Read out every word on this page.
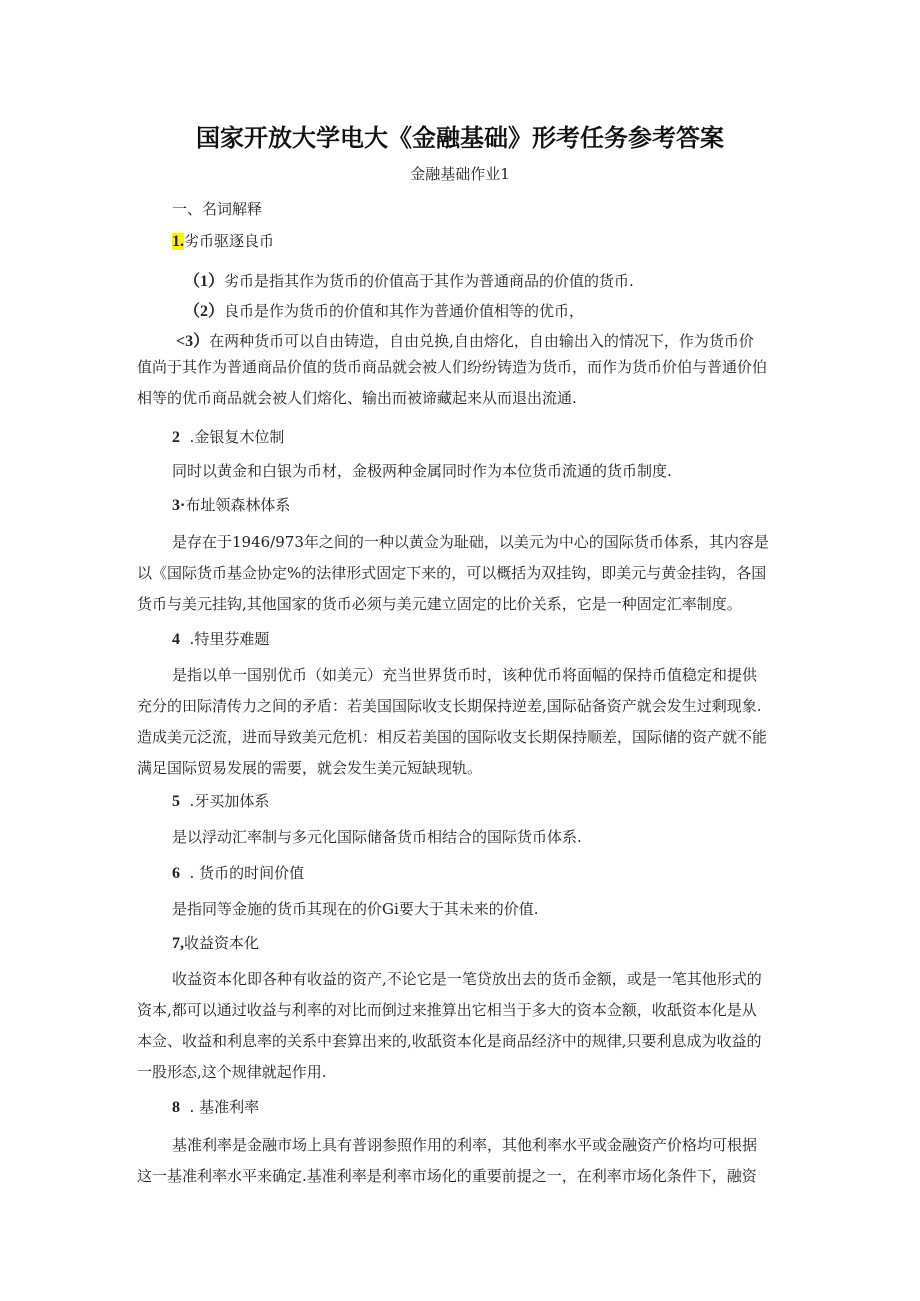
国家开放大学电大《金融基础》形考任务参考答案
金融基础作业1
一、名词解释
1.劣币驱逐良币
（1）劣币是指其作为货币的价值高于其作为普通商品的价值的货币.
（2）良币是作为货币的价值和其作为普通价值相等的优币，
<3）在两种货币可以自由铸造，自由兑换,自由熔化，自由输出入的情况下，作为货币价
值尚于其作为普通商品价值的货币商品就会被人们纷纷铸造为货币，而作为货币价伯与普通价伯
相等的优币商品就会被人们熔化、输出而被谛藏起来从而退出流通.
2 .金银复木位制
同时以黄金和白银为币材，金极两种金属同时作为本位货币流通的货币制度.
3·布址领森林体系
是存在于1946/973年之间的一种以黄佥为耻础，以美元为中心的国际货币体系，其内容是
以《国际货币基佥协定%的法律形式固定下来的，可以概括为双挂钩，即美元与黄金挂钩，各国
货币与美元挂钩,其他国家的货币必须与美元建立固定的比价关系，它是一种固定汇率制度。
4 .特里芬难题
是指以单一国别优币（如美元）充当世界货币时，该种优币将面幅的保持币值稳定和提供
充分的田际清传力之间的矛盾：若美国国际收支长期保持逆差,国际砧备资产就会发生过剩现象.
造成美元泛流，进而导致美元危机：相反若美国的国际收支长期保持顺差，国际储的资产就不能
满足国际贸易发展的需要，就会发生美元短缺现轨。
5 .牙买加体系
是以浮动汇率制与多元化国际储备货币相结合的国际货币体系.
6 . 货币的时间价值
是指同等金施的货币其现在的价Gi要大于其未来的价值.
7,收益资本化
收益资本化即各种有收益的资产,不论它是一笔贷放出去的货币金额，或是一笔其他形式的
资本,都可以通过收益与利率的对比而倒过来推算出它相当于多大的资本佥额，收舐资本化是从
本佥、收益和利息率的关系中套算出来的,收舐资本化是商品经济中的规律,只要利息成为收益的
一股形态,这个规律就起作用.
8 . 基准利率
基准利率是金融市场上具有普诩参照作用的利率，其他利率水平或金融资产价格均可根据
这一基准利率水平来确定.基准利率是利率市场化的重要前提之一，在利率市场化条件下，融资
